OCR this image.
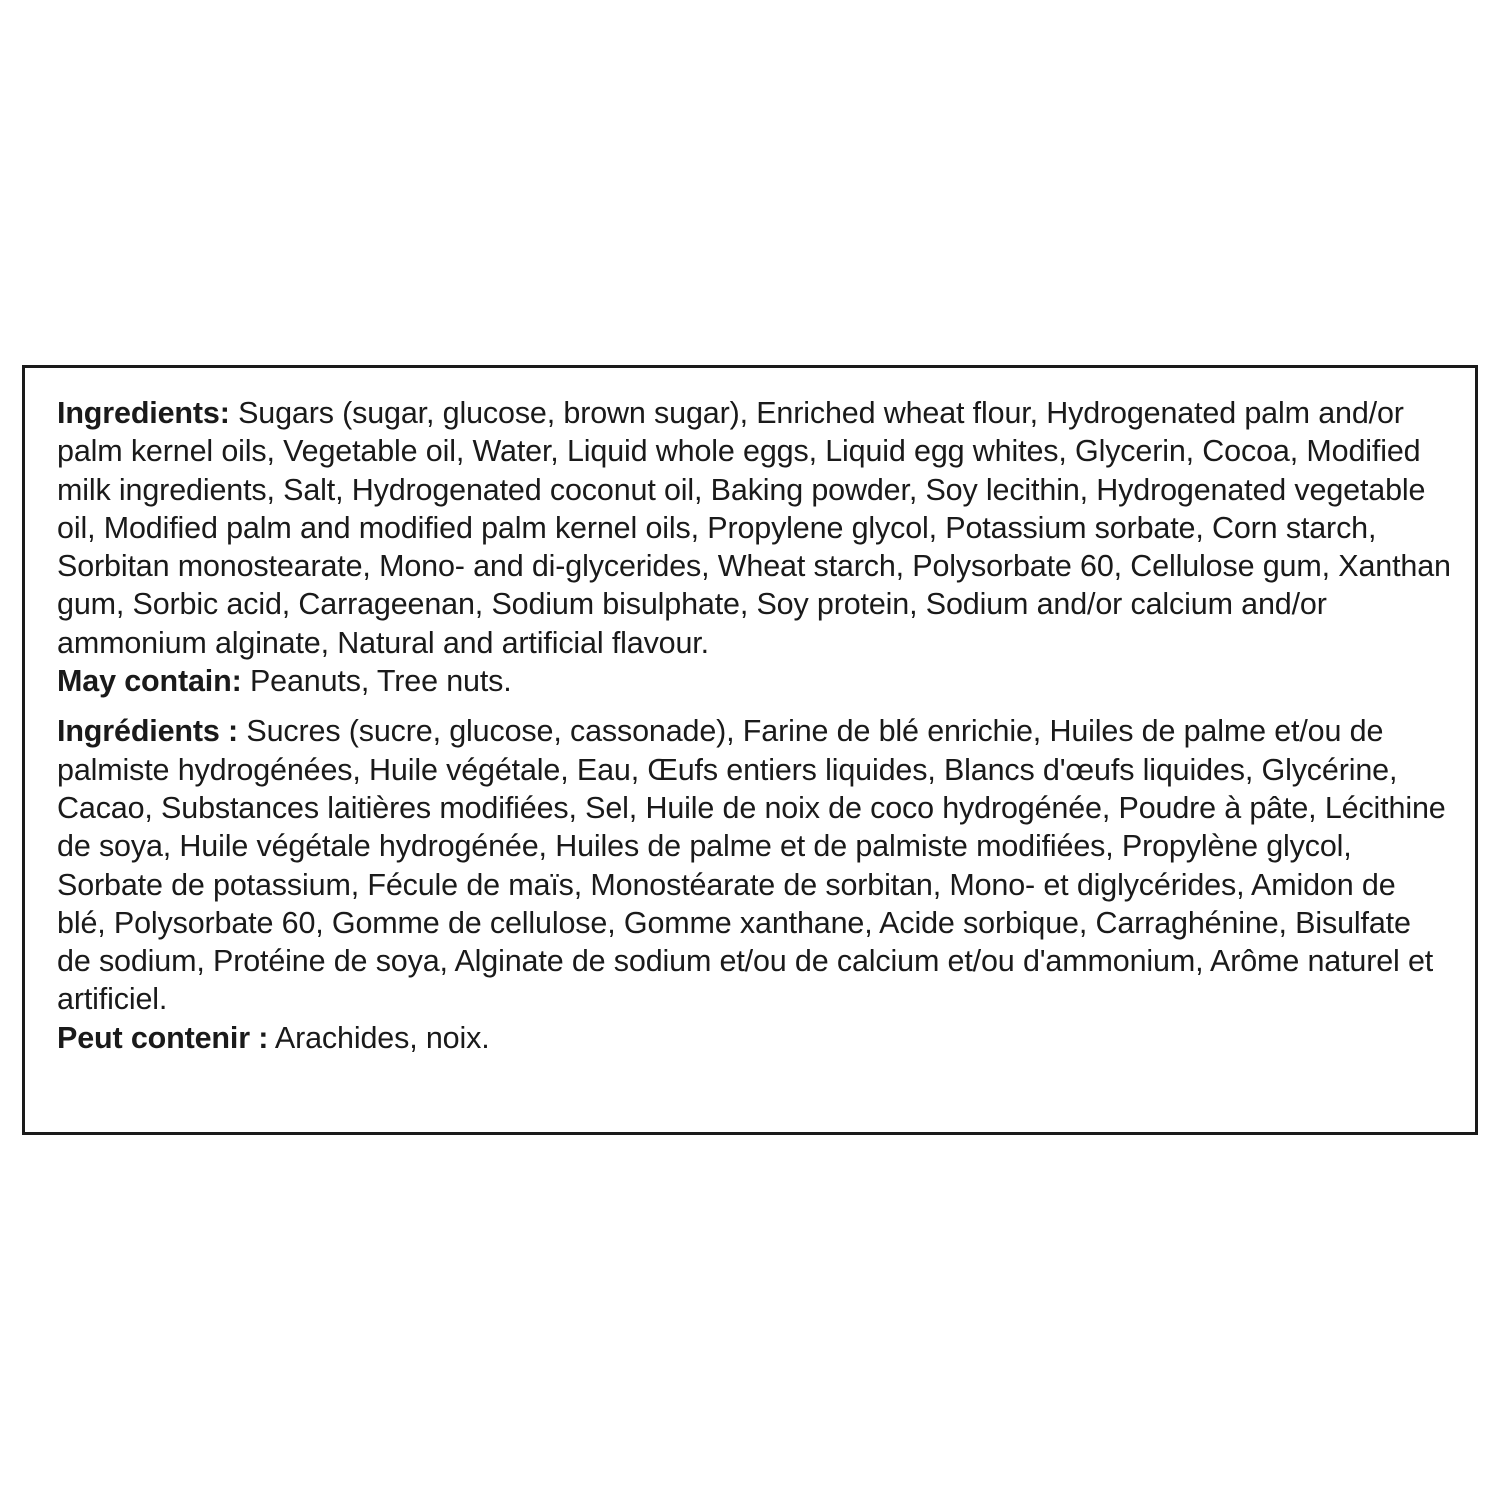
Ingredients: Sugars (sugar, glucose, brown sugar), Enriched wheat flour, Hydrogenated palm and/or palm kernel oils, Vegetable oil, Water, Liquid whole eggs, Liquid egg whites, Glycerin, Cocoa, Modified milk ingredients, Salt, Hydrogenated coconut oil, Baking powder, Soy lecithin, Hydrogenated vegetable oil, Modified palm and modified palm kernel oils, Propylene glycol, Potassium sorbate, Corn starch, Sorbitan monostearate, Mono- and di-glycerides, Wheat starch, Polysorbate 60, Cellulose gum, Xanthan gum, Sorbic acid, Carrageenan, Sodium bisulphate, Soy protein, Sodium and/or calcium and/or ammonium alginate, Natural and artificial flavour.

May contain: Peanuts, Tree nuts.

Ingrédients : Sucres (sucre, glucose, cassonade), Farine de blé enrichie, Huiles de palme et/ou de palmiste hydrogénées, Huile végétale, Eau, Œufs entiers liquides, Blancs d'œufs liquides, Glycérine, Cacao, Substances laitières modifiées, Sel, Huile de noix de coco hydrogénée, Poudre à pâte, Lécithine de soya, Huile végétale hydrogénée, Huiles de palme et de palmiste modifiées, Propylène glycol, Sorbate de potassium, Fécule de maïs, Monostéarate de sorbitan, Mono- et diglycérides, Amidon de blé, Polysorbate 60, Gomme de cellulose, Gomme xanthane, Acide sorbique, Carraghénine, Bisulfate de sodium, Protéine de soya, Alginate de sodium et/ou de calcium et/ou d'ammonium, Arôme naturel et artificiel.

Peut contenir : Arachides, noix.
